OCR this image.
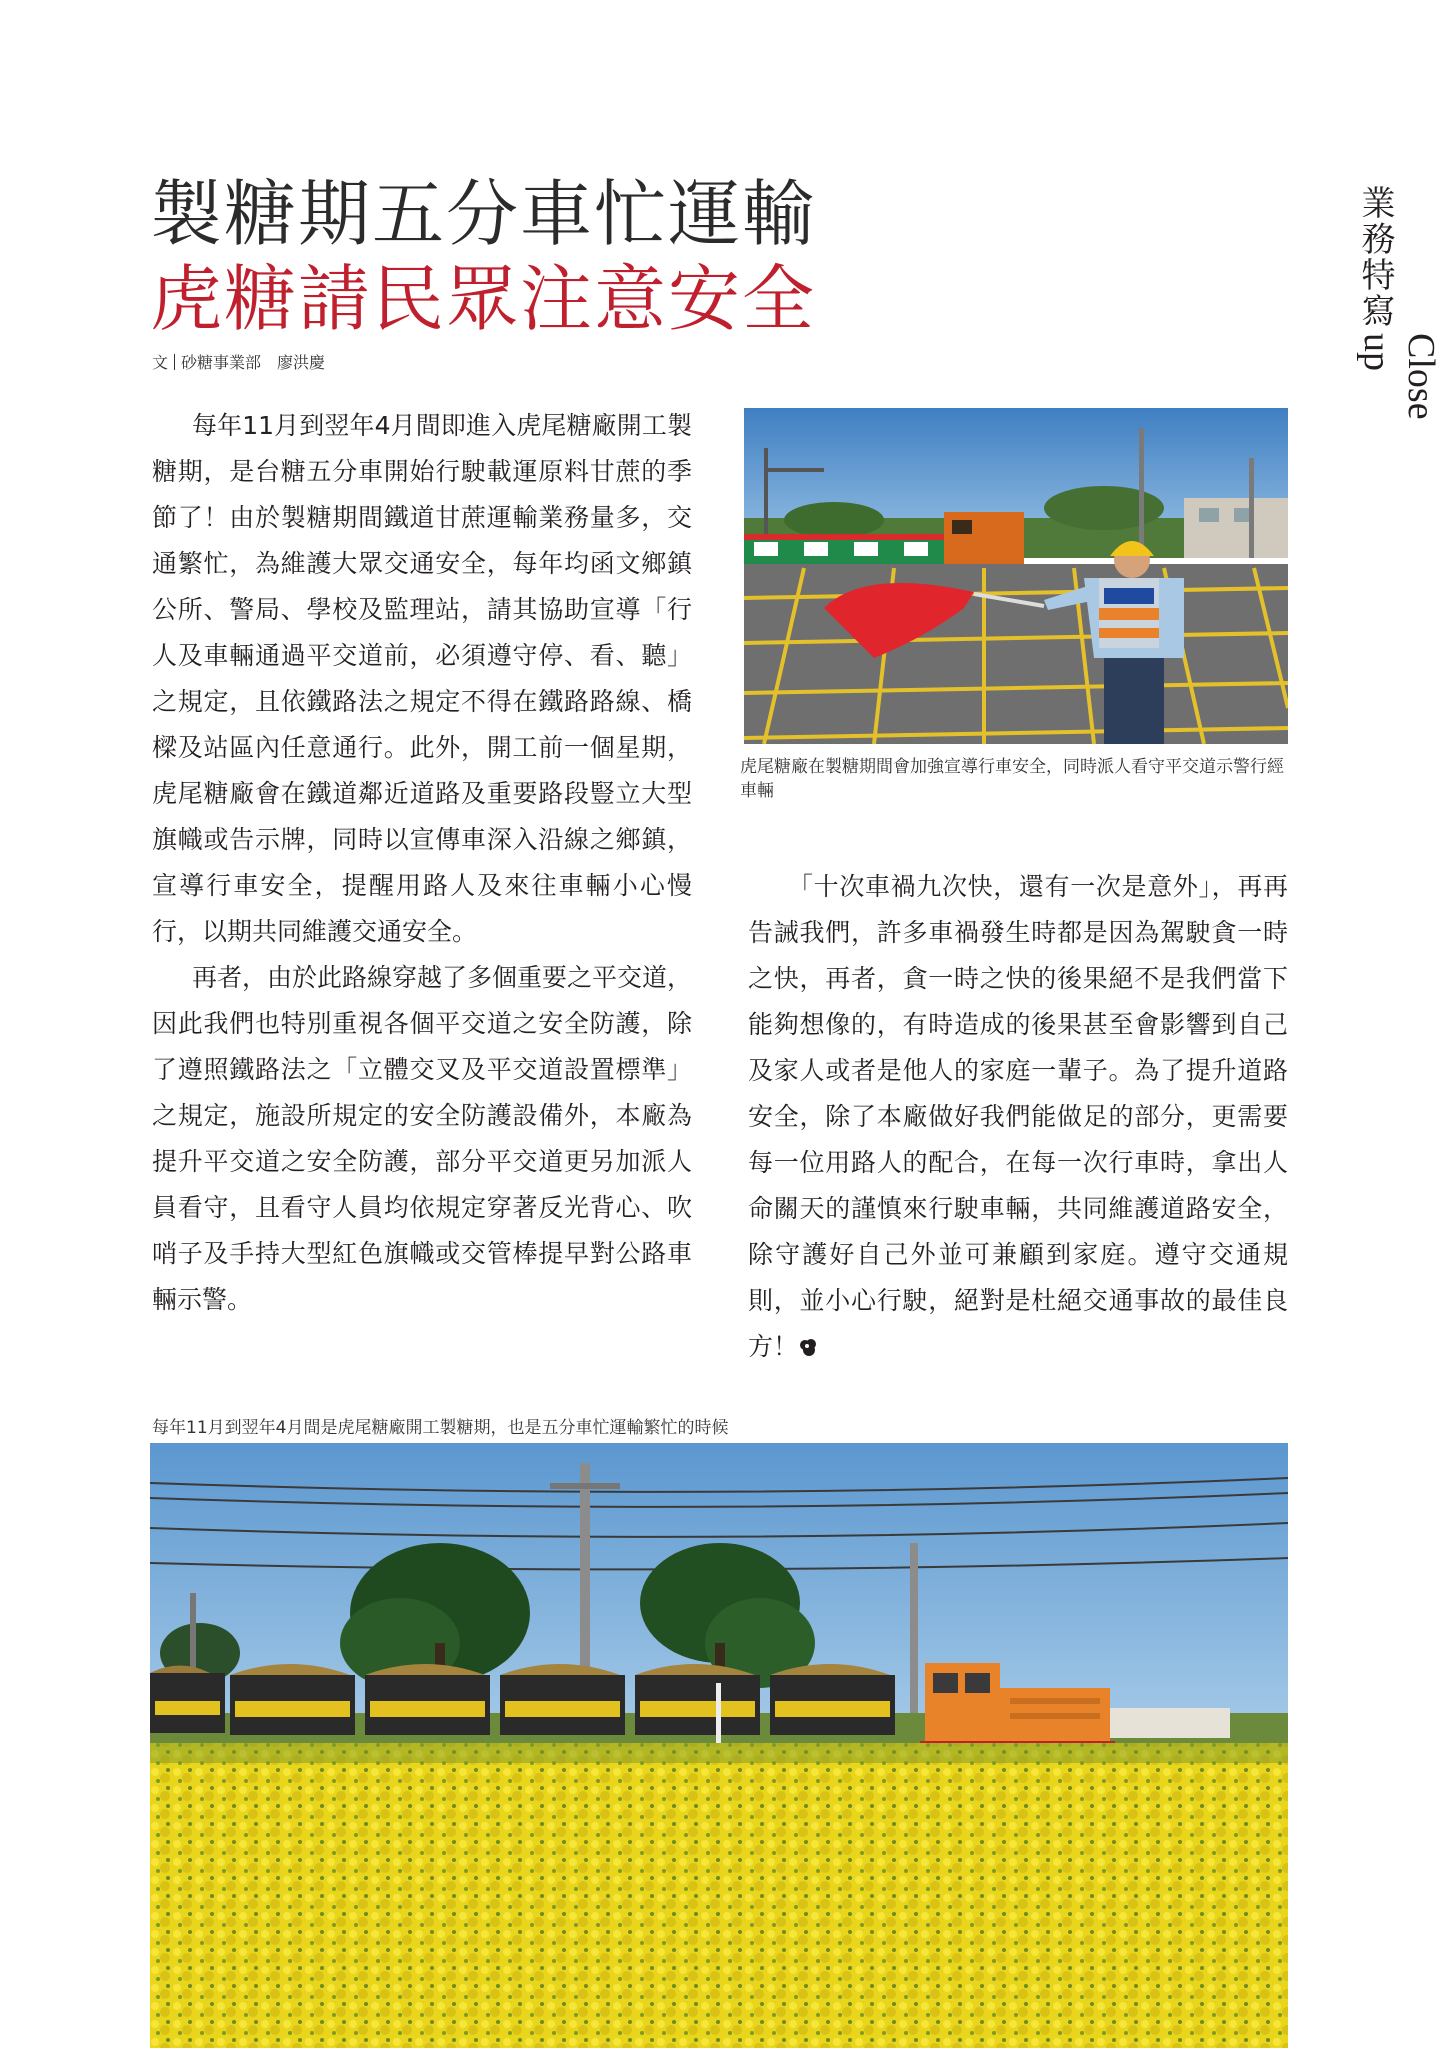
業務特寫
Close up
製糖期五分車忙運輸
虎糖請民眾注意安全
文 砂糖事業部　廖洪慶

每年11月到翌年4月間即進入虎尾糖廠開工製糖期，是台糖五分車開始行駛載運原料甘蔗的季節了！由於製糖期間鐵道甘蔗運輸業務量多，交通繁忙，為維護大眾交通安全，每年均函文鄉鎮公所、警局、學校及監理站，請其協助宣導「行人及車輛通過平交道前，必須遵守停、看、聽」之規定，且依鐵路法之規定不得在鐵路路線、橋樑及站區內任意通行。此外，開工前一個星期，虎尾糖廠會在鐵道鄰近道路及重要路段豎立大型旗幟或告示牌，同時以宣傳車深入沿線之鄉鎮，宣導行車安全，提醒用路人及來往車輛小心慢行，以期共同維護交通安全。

再者，由於此路線穿越了多個重要之平交道，因此我們也特別重視各個平交道之安全防護，除了遵照鐵路法之「立體交叉及平交道設置標準」之規定，施設所規定的安全防護設備外，本廠為提升平交道之安全防護，部分平交道更另加派人員看守，且看守人員均依規定穿著反光背心、吹哨子及手持大型紅色旗幟或交管棒提早對公路車輛示警。

虎尾糖廠在製糖期間會加強宣導行車安全，同時派人看守平交道示警行經車輛

「十次車禍九次快，還有一次是意外」，再再告誡我們，許多車禍發生時都是因為駕駛貪一時之快，再者，貪一時之快的後果絕不是我們當下能夠想像的，有時造成的後果甚至會影響到自己及家人或者是他人的家庭一輩子。為了提升道路安全，除了本廠做好我們能做足的部分，更需要每一位用路人的配合，在每一次行車時，拿出人命關天的謹慎來行駛車輛，共同維護道路安全，除守護好自己外並可兼顧到家庭。遵守交通規則，並小心行駛，絕對是杜絕交通事故的最佳良方！

每年11月到翌年4月間是虎尾糖廠開工製糖期，也是五分車忙運輸繁忙的時候
